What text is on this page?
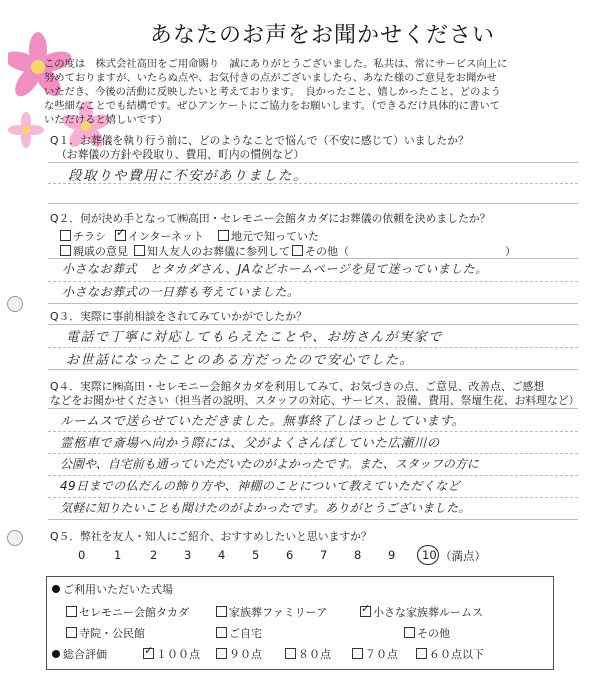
あなたのお声をお聞かせください
この度は　株式会社高田をご用命賜り　誠にありがとうございました。私共は、常にサービス向上に
努めておりますが、いたらぬ点や、お気付きの点がございましたら、あなた様のご意見をお聞かせ
いただき、今後の活動に反映したいと考えております。　良かったこと、嬉しかったこと、どのよう
な些細なことでも結構です。ぜひアンケートにご協力をお願いします。（できるだけ具体的に書いて
いただけると嬉しいです）
Q１．お葬儀を執り行う前に、どのようなことで悩んで（不安に感じて）いましたか？
（お葬儀の方針や段取り、費用、町内の慣例など）
段取りや費用に不安がありました。
Q２．何が決め手となって㈱高田・セレモニー会館タカダにお葬儀の依頼を決めましたか？
チラシ ✓	インターネット	地元で知っていた
親戚の意見	知人友人のお葬儀に参列して	その他（	）
小さなお葬式　とタカダさん、JAなどホームページを見て迷っていました。
小さなお葬式の一日葬も考えていました。
Q３．実際に事前相談をされてみていかがでしたか？
電話で丁寧に対応してもらえたことや、お坊さんが実家で
お世話になったことのある方だったので安心でした。
Q４．実際に㈱高田・セレモニー会館タカダを利用してみて、お気づきの点、ご意見、改善点、ご感想
などをお聞かせください（担当者の説明、スタッフの対応、サービス、設備、費用、祭壇生花、お料理など）
ルームスで送らせていただきました。無事終了しほっとしています。
霊柩車で斎場へ向かう際には、父がよくさんぽしていた広瀬川の
公園や、自宅前も通っていただいたのがよかったです。また、スタッフの方に
49日までの仏だんの飾り方や、神棚のことについて教えていただくなど
気軽に知りたいことも聞けたのがよかったです。ありがとうございました。
Q５．弊社を友人・知人にご紹介、おすすめしたいと思いますか？
0 1 2 3 4 5 6 7 8 9 10 （満点）
ご利用いただいた式場
セレモニー会館タカダ	家族葬ファミリーア ✓	小さな家族葬ルームス
寺院・公民館	ご自宅	その他
総合評価 ✓	１００点	９０点	８０点	７０点	６０点以下
